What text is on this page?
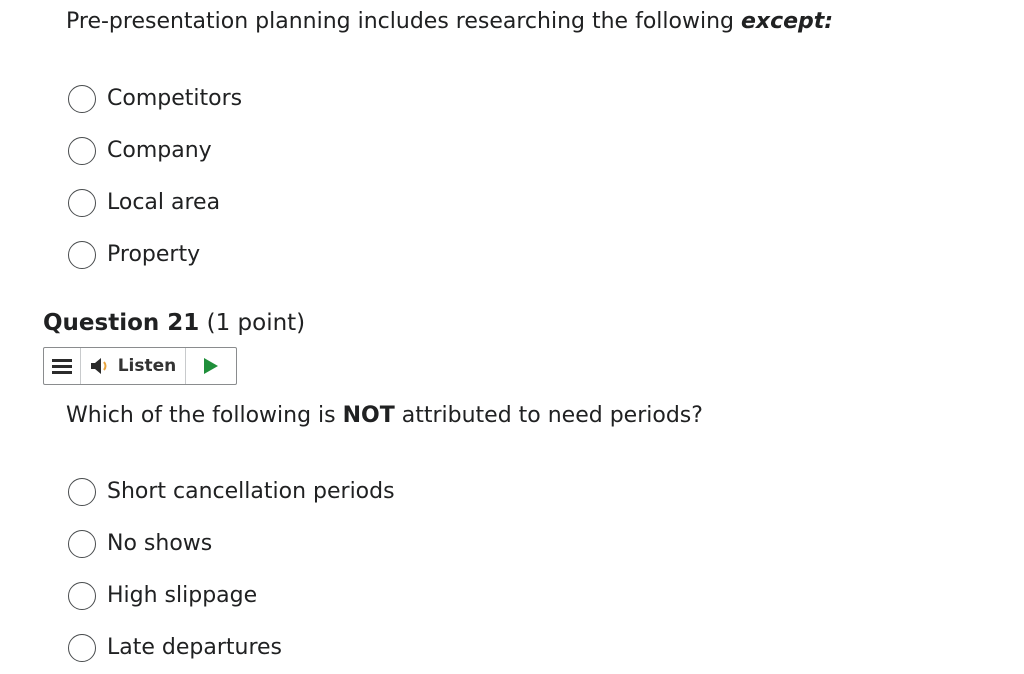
Pre-presentation planning includes researching the following except:
Competitors
Company
Local area
Property
Question 21 (1 point)
Listen
Which of the following is NOT attributed to need periods?
Short cancellation periods
No shows
High slippage
Late departures
